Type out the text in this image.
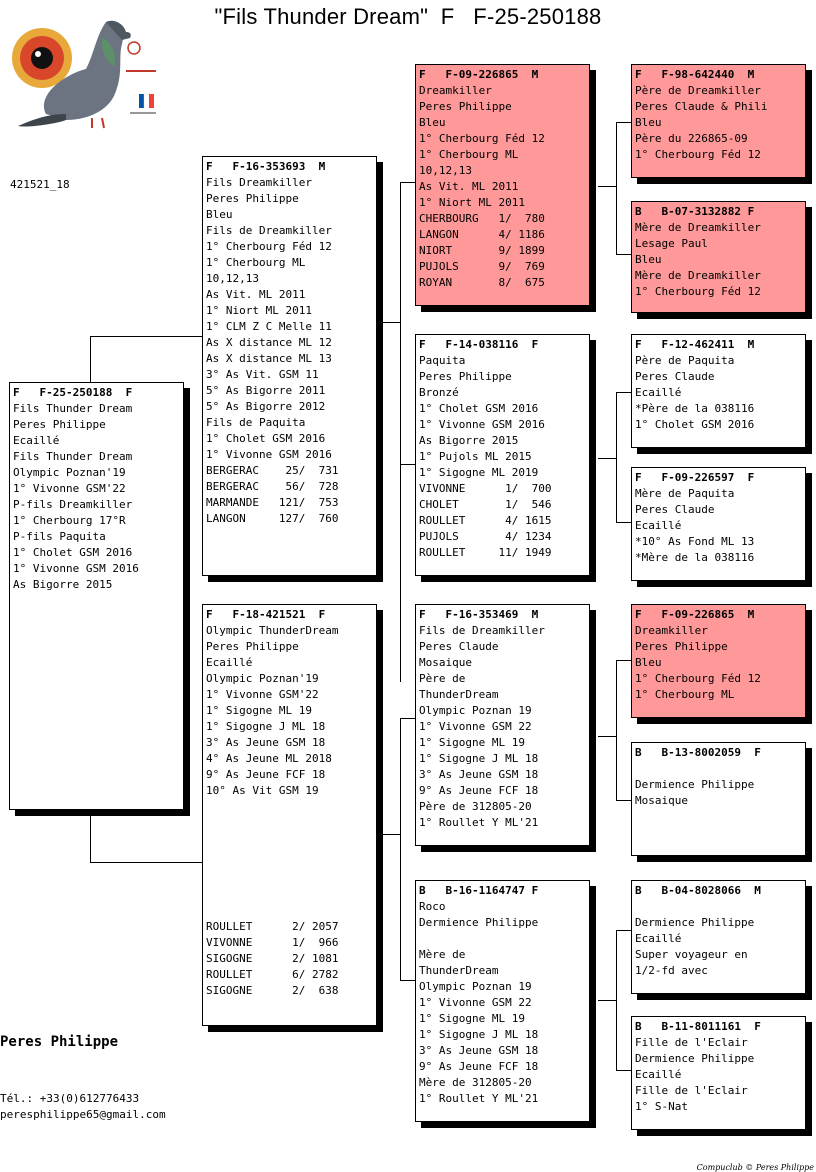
"Fils Thunder Dream"  F   F-25-250188
421521_18
F   F-25-250188  F
Fils Thunder Dream
Peres Philippe
Ecaillé
Fils Thunder Dream
Olympic Poznan'19
1° Vivonne GSM'22
P-fils Dreamkiller
1° Cherbourg 17°R
P-fils Paquita
1° Cholet GSM 2016
1° Vivonne GSM 2016
As Bigorre 2015
F   F-16-353693  M
Fils Dreamkiller
Peres Philippe
Bleu
Fils de Dreamkiller
1° Cherbourg Féd 12
1° Cherbourg ML
10,12,13
As Vit. ML 2011
1° Niort ML 2011
1° CLM Z C Melle 11
As X distance ML 12
As X distance ML 13
3° As Vit. GSM 11
5° As Bigorre 2011
5° As Bigorre 2012
Fils de Paquita
1° Cholet GSM 2016
1° Vivonne GSM 2016
BERGERAC    25/  731
BERGERAC    56/  728
MARMANDE   121/  753
LANGON     127/  760
F   F-18-421521  F
Olympic ThunderDream
Peres Philippe
Ecaillé
Olympic Poznan'19
1° Vivonne GSM'22
1° Sigogne ML 19
1° Sigogne J ML 18
3° As Jeune GSM 18
4° As Jeune ML 2018
9° As Jeune FCF 18
10° As Vit GSM 19
ROULLET      2/ 2057
VIVONNE      1/  966
SIGOGNE      2/ 1081
ROULLET      6/ 2782
SIGOGNE      2/  638
F   F-09-226865  M
Dreamkiller
Peres Philippe
Bleu
1° Cherbourg Féd 12
1° Cherbourg ML
10,12,13
As Vit. ML 2011
1° Niort ML 2011
CHERBOURG   1/  780
LANGON      4/ 1186
NIORT       9/ 1899
PUJOLS      9/  769
ROYAN       8/  675
F   F-14-038116  F
Paquita
Peres Philippe
Bronzé
1° Cholet GSM 2016
1° Vivonne GSM 2016
As Bigorre 2015
1° Pujols ML 2015
1° Sigogne ML 2019
VIVONNE      1/  700
CHOLET       1/  546
ROULLET      4/ 1615
PUJOLS       4/ 1234
ROULLET     11/ 1949
F   F-16-353469  M
Fils de Dreamkiller
Peres Claude
Mosaique
Père de
ThunderDream
Olympic Poznan 19
1° Vivonne GSM 22
1° Sigogne ML 19
1° Sigogne J ML 18
3° As Jeune GSM 18
9° As Jeune FCF 18
Père de 312805-20
1° Roullet Y ML'21
B   B-16-1164747 F
Roco
Dermience Philippe
Mère de
ThunderDream
Olympic Poznan 19
1° Vivonne GSM 22
1° Sigogne ML 19
1° Sigogne J ML 18
3° As Jeune GSM 18
9° As Jeune FCF 18
Mère de 312805-20
1° Roullet Y ML'21
F   F-98-642440  M
Père de Dreamkiller
Peres Claude & Phili
Bleu
Père du 226865-09
1° Cherbourg Féd 12
B   B-07-3132882 F
Mère de Dreamkiller
Lesage Paul
Bleu
Mère de Dreamkiller
1° Cherbourg Féd 12
F   F-12-462411  M
Père de Paquita
Peres Claude
Ecaillé
*Père de la 038116
1° Cholet GSM 2016
F   F-09-226597  F
Mère de Paquita
Peres Claude
Ecaillé
*10° As Fond ML 13
*Mère de la 038116
F   F-09-226865  M
Dreamkiller
Peres Philippe
Bleu
1° Cherbourg Féd 12
1° Cherbourg ML
B   B-13-8002059  F
Dermience Philippe
Mosaique
B   B-04-8028066  M
Dermience Philippe
Ecaillé
Super voyageur en
1/2-fd avec
B   B-11-8011161  F
Fille de l'Eclair
Dermience Philippe
Ecaillé
Fille de l'Eclair
1° S-Nat
Peres Philippe
Tél.: +33(0)612776433
peresphilippe65@gmail.com
Compuclub © Peres Philippe
